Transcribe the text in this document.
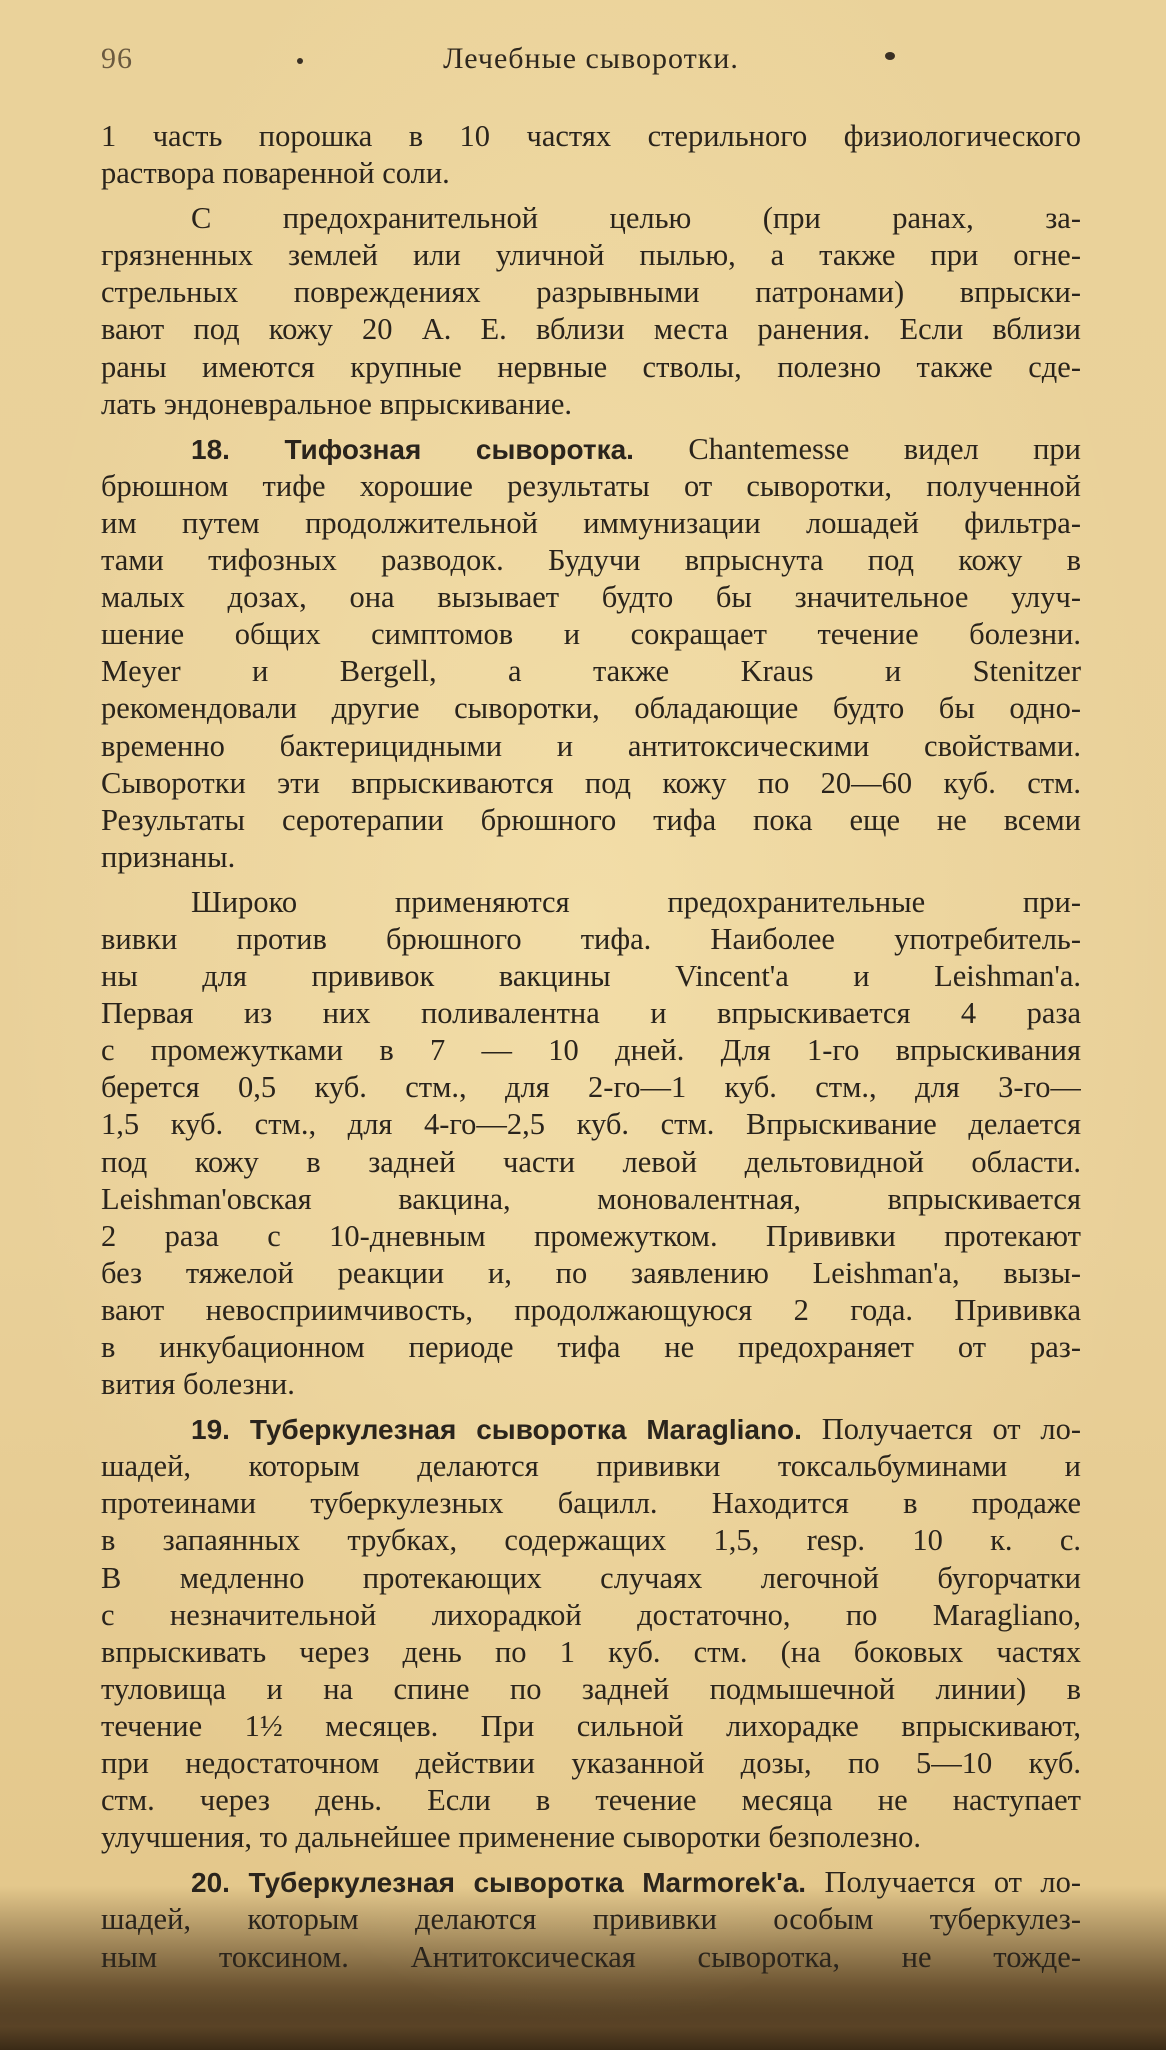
96	Лечебные сыворотки.
1 часть порошка в 10 частях стерильного физиологического
раствора поваренной соли.
С предохранительной целью (при ранах, за-
грязненных землей или уличной пылью, а также при огне-
стрельных повреждениях разрывными патронами) впрыски-
вают под кожу 20 А. Е. вблизи места ранения. Если вблизи
раны имеются крупные нервные стволы, полезно также сде-
лать эндоневральное впрыскивание.
18. Тифозная сыворотка. Chantemesse видел при
брюшном тифе хорошие результаты от сыворотки, полученной
им путем продолжительной иммунизации лошадей фильтра-
тами тифозных разводок. Будучи впрыснута под кожу в
малых дозах, она вызывает будто бы значительное улуч-
шение общих симптомов и сокращает течение болезни.
Meyer и Bergell, а также Kraus и Stenitzer
рекомендовали другие сыворотки, обладающие будто бы одно-
временно бактерицидными и антитоксическими свойствами.
Сыворотки эти впрыскиваются под кожу по 20—60 куб. стм.
Результаты серотерапии брюшного тифа пока еще не всеми
признаны.
Широко применяются предохранительные при-
вивки против брюшного тифа. Наиболее употребитель-
ны для прививок вакцины Vincent'a и Leishman'a.
Первая из них поливалентна и впрыскивается 4 раза
с промежутками в 7 — 10 дней. Для 1-го впрыскивания
берется 0,5 куб. стм., для 2-го—1 куб. стм., для 3-го—
1,5 куб. стм., для 4-го—2,5 куб. стм. Впрыскивание делается
под кожу в задней части левой дельтовидной области.
Leishman'овская вакцина, моновалентная, впрыскивается
2 раза с 10-дневным промежутком. Прививки протекают
без тяжелой реакции и, по заявлению Leishman'a, вызы-
вают невосприимчивость, продолжающуюся 2 года. Прививка
в инкубационном периоде тифа не предохраняет от раз-
вития болезни.
19. Туберкулезная сыворотка Maragliano. Получается от ло-
шадей, которым делаются прививки токсальбуминами и
протеинами туберкулезных бацилл. Находится в продаже
в запаянных трубках, содержащих 1,5, resp. 10 к. с.
В медленно протекающих случаях легочной бугорчатки
с незначительной лихорадкой достаточно, по Maragliano,
впрыскивать через день по 1 куб. стм. (на боковых частях
туловища и на спине по задней подмышечной линии) в
течение 1½ месяцев. При сильной лихорадке впрыскивают,
при недостаточном действии указанной дозы, по 5—10 куб.
стм. через день. Если в течение месяца не наступает
улучшения, то дальнейшее применение сыворотки безполезно.
20. Туберкулезная сыворотка Marmorek'a. Получается от ло-
шадей, которым делаются прививки особым туберкулез-
ным токсином. Антитоксическая сыворотка, не тожде-
